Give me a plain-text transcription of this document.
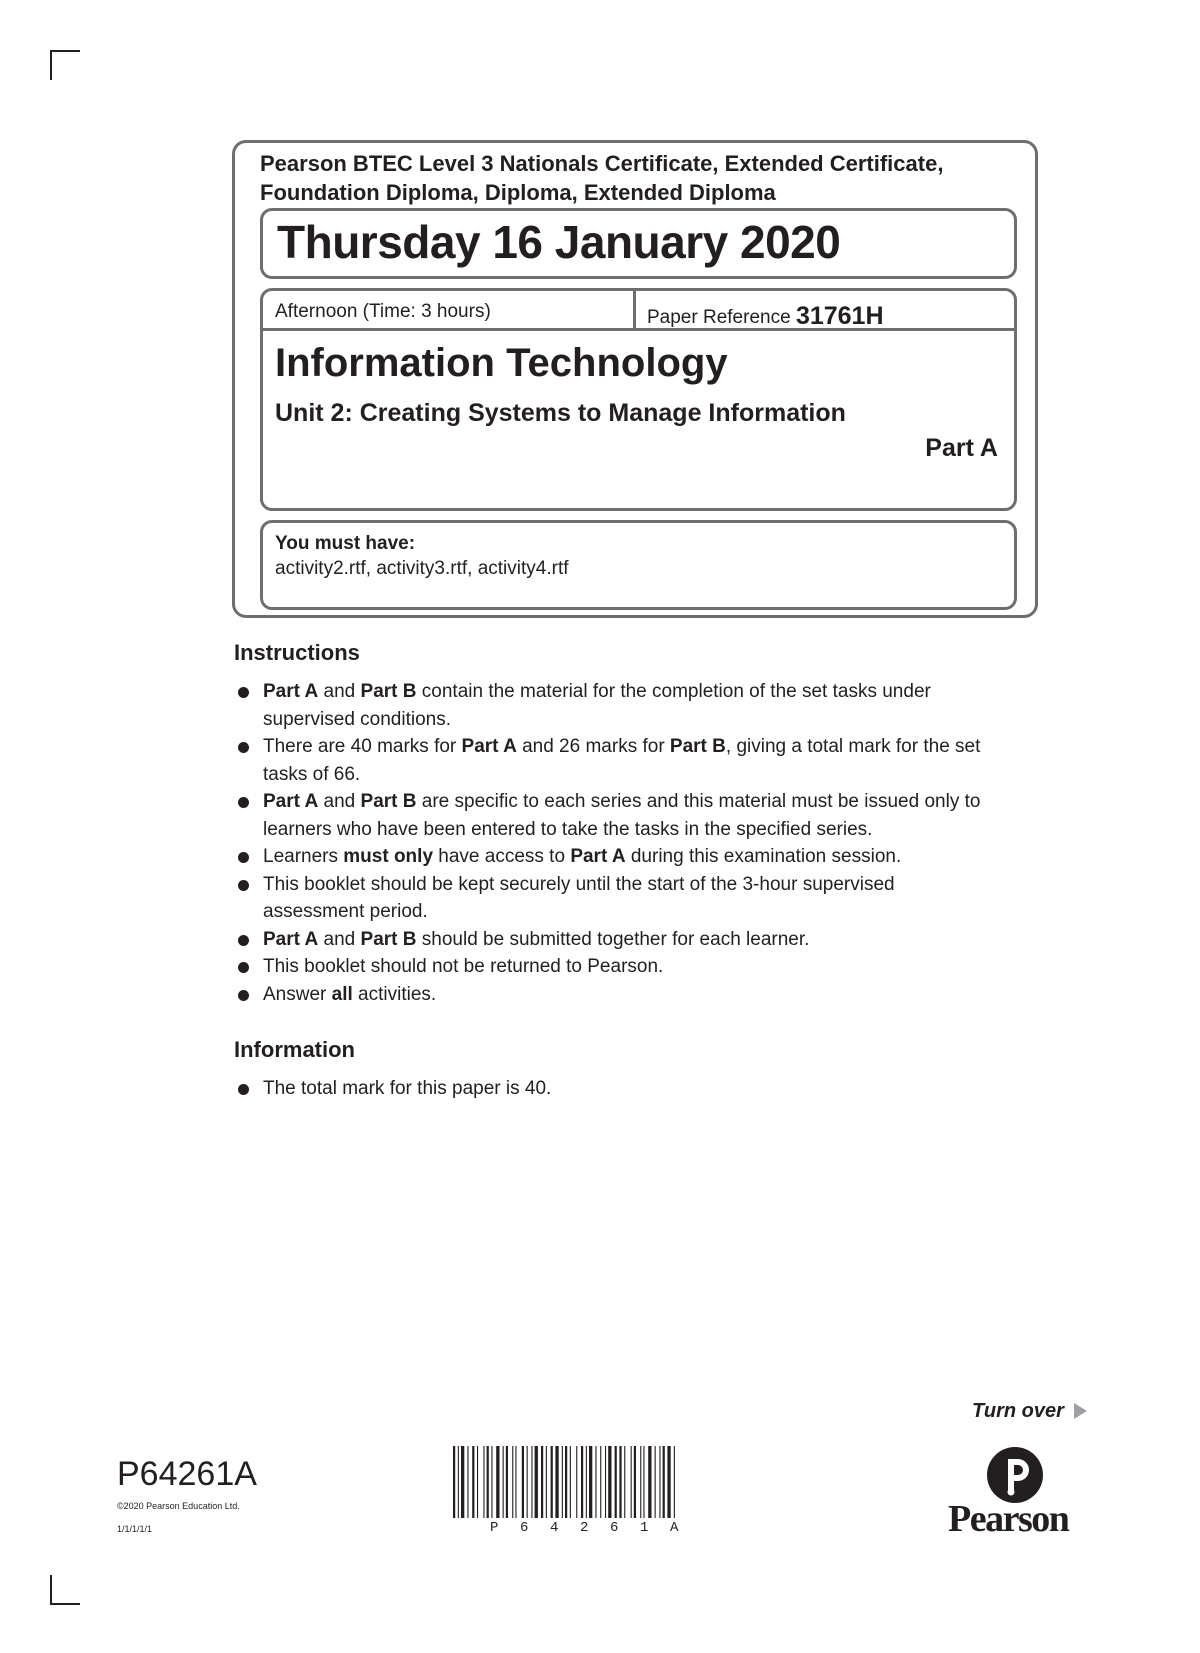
Pearson BTEC Level 3 Nationals Certificate, Extended Certificate, Foundation Diploma, Diploma, Extended Diploma
Thursday 16 January 2020
Afternoon (Time: 3 hours)	Paper Reference 31761H
Information Technology
Unit 2: Creating Systems to Manage Information
Part A
You must have:
activity2.rtf, activity3.rtf, activity4.rtf
Instructions
Part A and Part B contain the material for the completion of the set tasks under supervised conditions.
There are 40 marks for Part A and 26 marks for Part B, giving a total mark for the set tasks of 66.
Part A and Part B are specific to each series and this material must be issued only to learners who have been entered to take the tasks in the specified series.
Learners must only have access to Part A during this examination session.
This booklet should be kept securely until the start of the 3-hour supervised assessment period.
Part A and Part B should be submitted together for each learner.
This booklet should not be returned to Pearson.
Answer all activities.
Information
The total mark for this paper is 40.
Turn over
P64261A
©2020 Pearson Education Ltd.
1/1/1/1/1	P 6 4 2 6 1 A	Pearson
